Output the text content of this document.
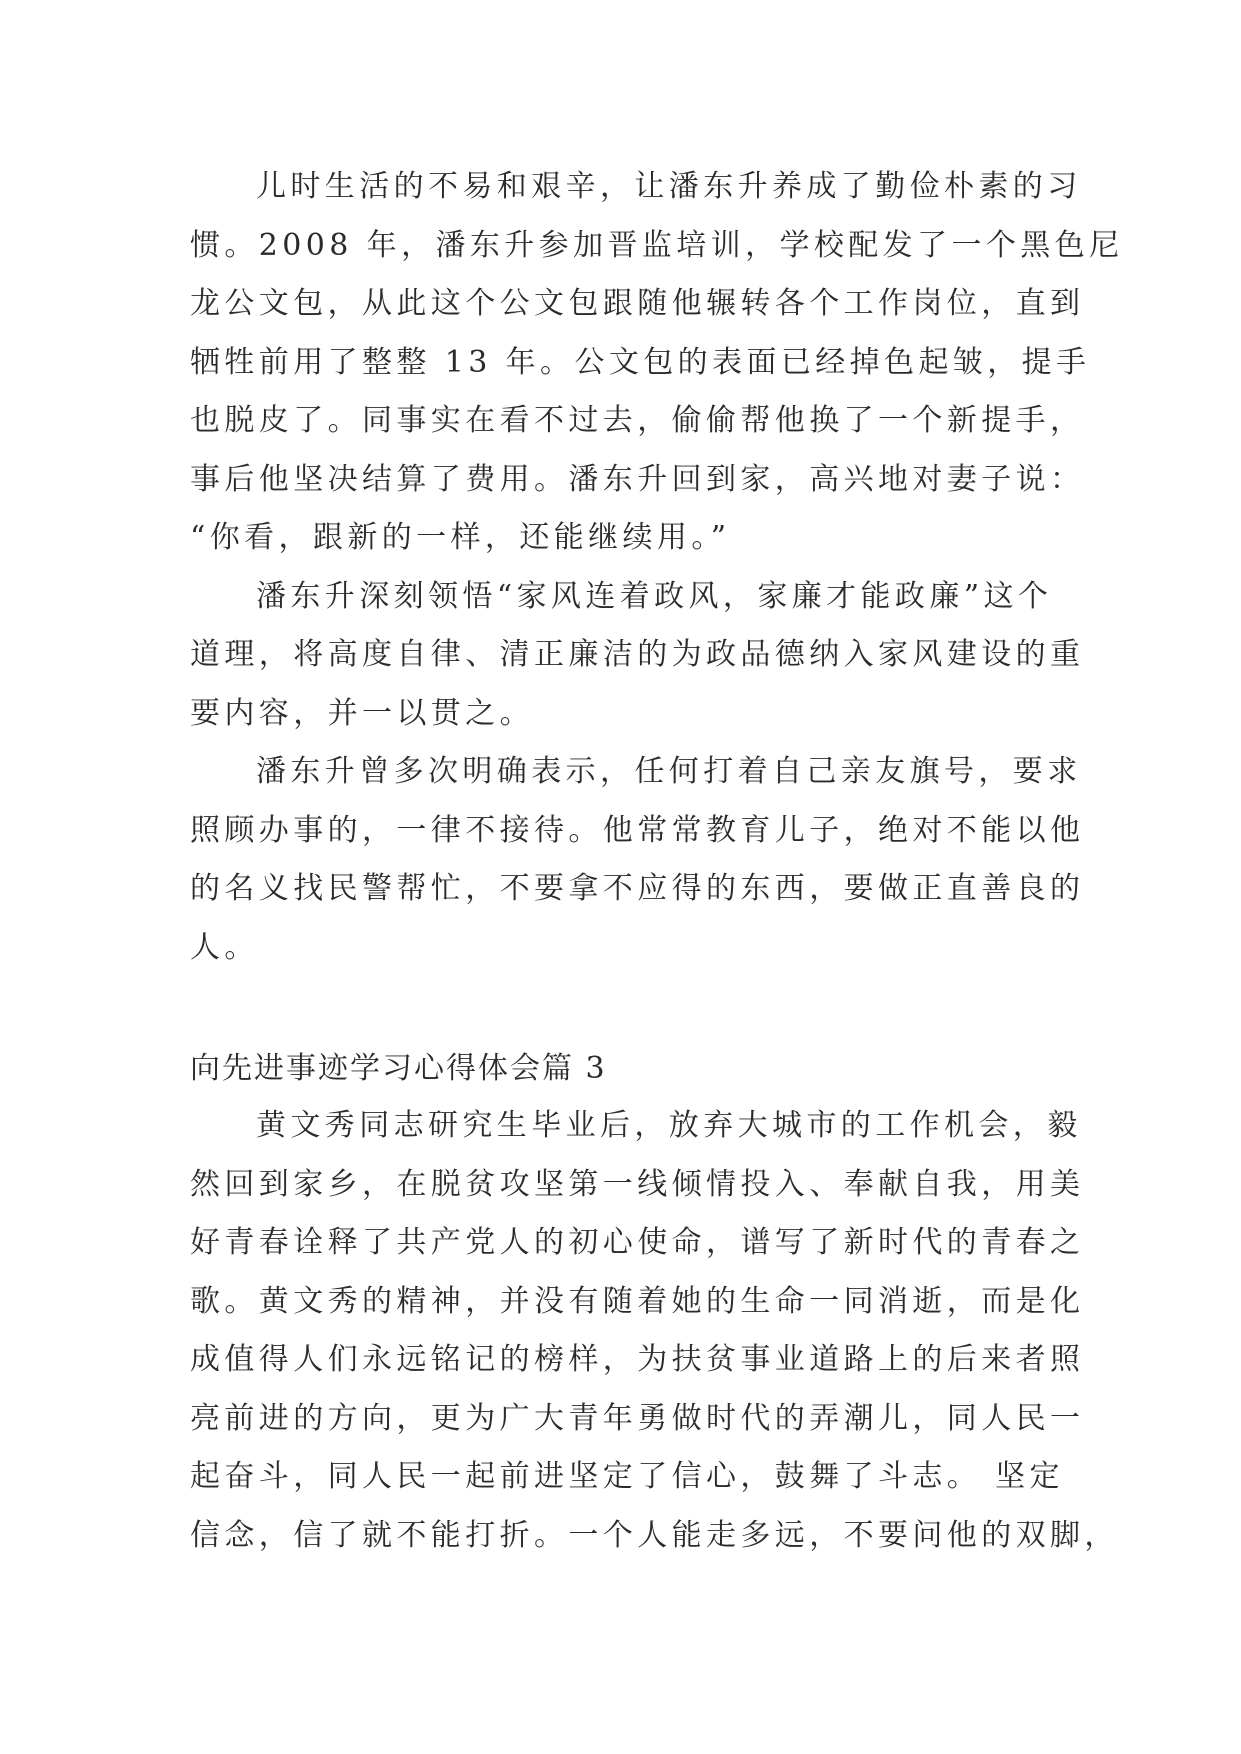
儿时生活的不易和艰辛，让潘东升养成了勤俭朴素的习
惯。2008 年，潘东升参加晋监培训，学校配发了一个黑色尼
龙公文包，从此这个公文包跟随他辗转各个工作岗位，直到
牺牲前用了整整 13 年。公文包的表面已经掉色起皱，提手
也脱皮了。同事实在看不过去，偷偷帮他换了一个新提手，
事后他坚决结算了费用。潘东升回到家，高兴地对妻子说：
“你看，跟新的一样，还能继续用。”
潘东升深刻领悟“家风连着政风，家廉才能政廉”这个
道理，将高度自律、清正廉洁的为政品德纳入家风建设的重
要内容，并一以贯之。
潘东升曾多次明确表示，任何打着自己亲友旗号，要求
照顾办事的，一律不接待。他常常教育儿子，绝对不能以他
的名义找民警帮忙，不要拿不应得的东西，要做正直善良的
人。
向先进事迹学习心得体会篇 3
黄文秀同志研究生毕业后，放弃大城市的工作机会，毅
然回到家乡，在脱贫攻坚第一线倾情投入、奉献自我，用美
好青春诠释了共产党人的初心使命，谱写了新时代的青春之
歌。黄文秀的精神，并没有随着她的生命一同消逝，而是化
成值得人们永远铭记的榜样，为扶贫事业道路上的后来者照
亮前进的方向，更为广大青年勇做时代的弄潮儿，同人民一
起奋斗，同人民一起前进坚定了信心，鼓舞了斗志。 坚定
信念，信了就不能打折。一个人能走多远，不要问他的双脚，
